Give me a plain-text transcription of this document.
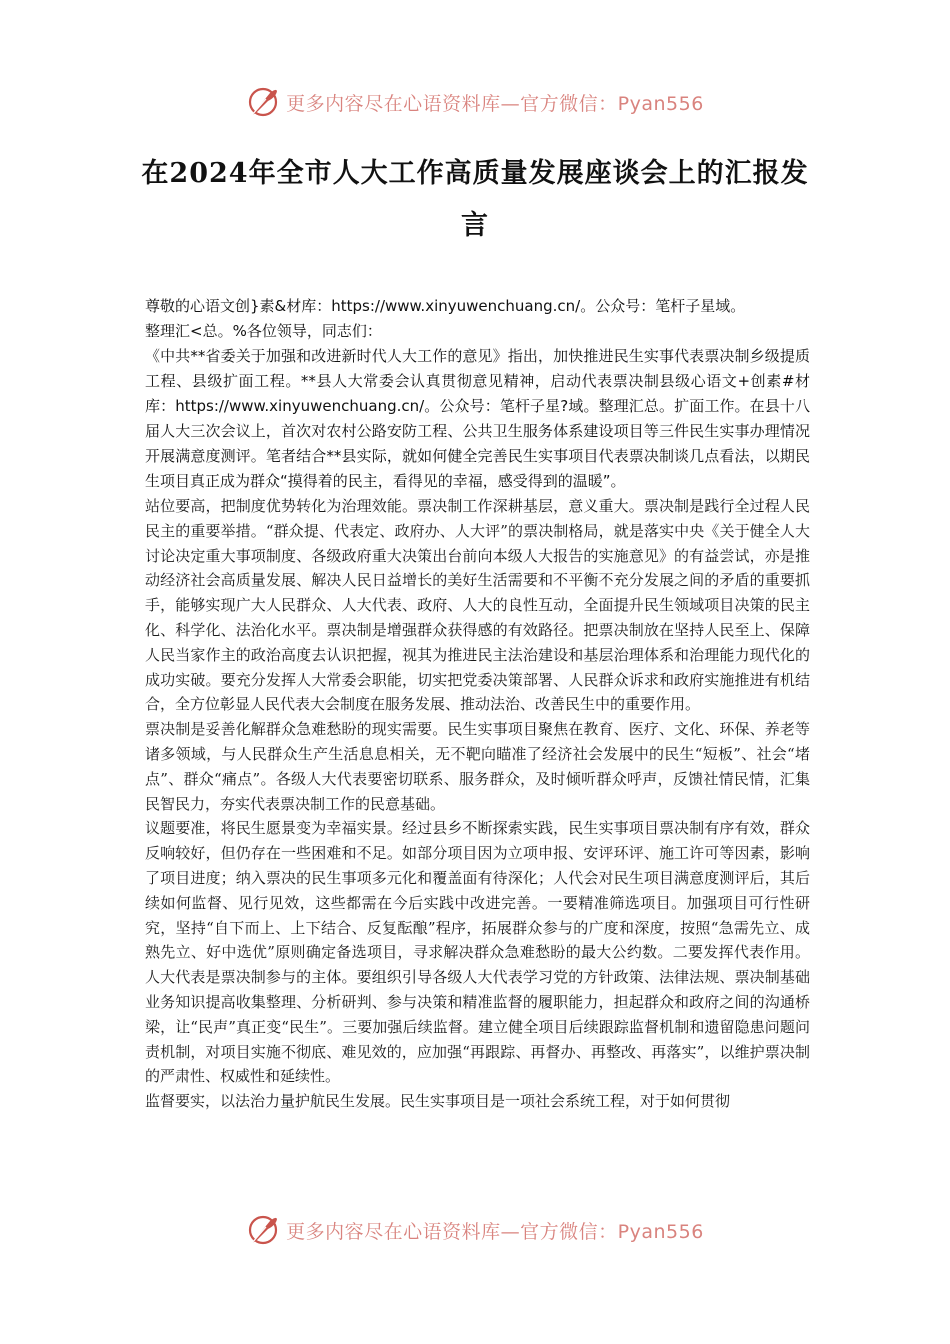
更多内容尽在心语资料库—官方微信：Pyan556
在2024年全市人大工作高质量发展座谈会上的汇报发言

尊敬的心语文创}素&材库：https://www.xinyuwenchuang.cn/。公众号：笔杆子星域。

整理汇<总。%各位领导，同志们：

《中共**省委关于加强和改进新时代人大工作的意见》指出，加快推进民生实事代表票决制乡级提质工程、县级扩面工程。**县人大常委会认真贯彻意见精神，启动代表票决制县级心语文+创素#材库：https://www.xinyuwenchuang.cn/。公众号：笔杆子星?域。整理汇总。扩面工作。在县十八届人大三次会议上，首次对农村公路安防工程、公共卫生服务体系建设项目等三件民生实事办理情况开展满意度测评。笔者结合**县实际，就如何健全完善民生实事项目代表票决制谈几点看法，以期民生项目真正成为群众“摸得着的民主，看得见的幸福，感受得到的温暖”。

站位要高，把制度优势转化为治理效能。票决制工作深耕基层，意义重大。票决制是践行全过程人民民主的重要举措。“群众提、代表定、政府办、人大评”的票决制格局，就是落实中央《关于健全人大讨论决定重大事项制度、各级政府重大决策出台前向本级人大报告的实施意见》的有益尝试，亦是推动经济社会高质量发展、解决人民日益增长的美好生活需要和不平衡不充分发展之间的矛盾的重要抓手，能够实现广大人民群众、人大代表、政府、人大的良性互动，全面提升民生领域项目决策的民主化、科学化、法治化水平。票决制是增强群众获得感的有效路径。把票决制放在坚持人民至上、保障人民当家作主的政治高度去认识把握，视其为推进民主法治建设和基层治理体系和治理能力现代化的成功实破。要充分发挥人大常委会职能，切实把党委决策部署、人民群众诉求和政府实施推进有机结合，全方位彰显人民代表大会制度在服务发展、推动法治、改善民生中的重要作用。

票决制是妥善化解群众急难愁盼的现实需要。民生实事项目聚焦在教育、医疗、文化、环保、养老等诸多领域，与人民群众生产生活息息相关，无不靶向瞄准了经济社会发展中的民生“短板”、社会“堵点”、群众“痛点”。各级人大代表要密切联系、服务群众，及时倾听群众呼声，反馈社情民情，汇集民智民力，夯实代表票决制工作的民意基础。

议题要准，将民生愿景变为幸福实景。经过县乡不断探索实践，民生实事项目票决制有序有效，群众反响较好，但仍存在一些困难和不足。如部分项目因为立项申报、安评环评、施工许可等因素，影响了项目进度；纳入票决的民生事项多元化和覆盖面有待深化；人代会对民生项目满意度测评后，其后续如何监督、见行见效，这些都需在今后实践中改进完善。一要精准筛选项目。加强项目可行性研究，坚持“自下而上、上下结合、反复酝酿”程序，拓展群众参与的广度和深度，按照“急需先立、成熟先立、好中选优”原则确定备选项目，寻求解决群众急难愁盼的最大公约数。二要发挥代表作用。人大代表是票决制参与的主体。要组织引导各级人大代表学习党的方针政策、法律法规、票决制基础业务知识提高收集整理、分析研判、参与决策和精准监督的履职能力，担起群众和政府之间的沟通桥梁，让“民声”真正变“民生”。三要加强后续监督。建立健全项目后续跟踪监督机制和遗留隐患问题问责机制，对项目实施不彻底、难见效的，应加强“再跟踪、再督办、再整改、再落实”，以维护票决制的严肃性、权威性和延续性。

监督要实，以法治力量护航民生发展。民生实事项目是一项社会系统工程，对于如何贯彻

更多内容尽在心语资料库—官方微信：Pyan556
